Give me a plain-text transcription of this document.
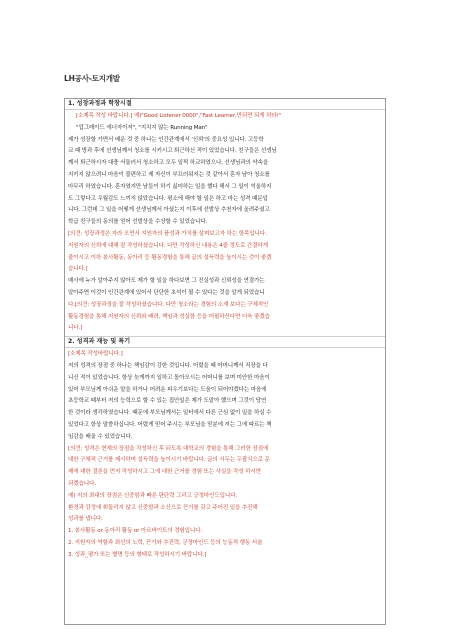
LH공사-토지개발
1. 성장과정과 학창시절
[소제목 작성 바랍니다.] 예)"Good Listener 0000","Fast Learner,만되면 되게 하라!"
"업그레이드 에너자이저", "지치지 않는 Running Man"
제가 성장할 가면서 배운 것 중 하나는 인간관계에서 '신뢰'의 중요성 입니다. 고등학
교 때 방과 후에 선생님께서 청소를 시키시고 퇴근하신 적이 있었습니다. 친구들은 선생님
께서 퇴근하시자 대충 서둘러서 청소하고 모두 일찍 하교하였으나, 선생님과의 약속을
지키지 않으려니 마음이 불편하고 제 자신이 부끄러워지는 것 같아서 혼자 남아 청소를
마무리 하였습니다. 혼자였지만 남들이 하기 싫어하는 일을 했다 해서 그 일이 억울하지
도 그렇다고 우월감도 느끼지 않았습니다. 평소에 해야 할 일은 하고 마는 성격 때문입
니다. 그런데 그 일을 어떻게 선생님께서 아셨는지 이후에 선발상 추천자에 올려주셨고
학급 친구들의 동의를 얻어 선발상을 수상할 수 있었습니다.
[의견: 성장과정은 자라 오면서 지원자의 품성과 가치를 살펴보고자 하는 항목입니다.
지원자의 신뢰에 대해 잘 작성하셨습니다. 다만 작성하신 내용은 4줄 정도로 간결하게
줄이시고 이하 봉사활동, 동아리 등 활동경험을 통해 글의 설득력을 높이시는 것이 좋겠
습니다.]
매사에 누가 알아주지 않아도 제가 할 일을 하다보면 그 진실성과 신뢰성을 연결가는
알아주면 이것이 인간관계에 있어서 단단한 초석이 될 수 있다는 것을 알게 되었습니
다.[의견: 성장과정을 잘 작성하셨습니다. 다만 청소라는 경험의 소재 보다는 구체적인
활동경험을 통해 지원자의 신뢰와 배려, 책임과 성실함 등을 어필하신다면 더욱 좋겠습
니다.]
2. 성격과 재능 및 특기
[소제목 작성바랍니다.]
저의 성격의 장점 중 하나는 책임감이 강한 것입니다. 어렸을 때 어머니께서 직장을 다
니신 적이 있었습니다. 항상 늦게까지 일하고 돌아오시는 어머니를 보며 미안한 마음이
있어 부모님께 아쉬운 말을 하거나 어려운 피우기보다는 도움이 되어야겠다는 마음에
초등학교 때부터 저의 능력으로 할 수 있는 집안일은 제가 도맡아 했으며 그것이 당연
한 것이라 생각하였습니다. 때문에 부모님께서는 일터에서 다른 근심 없이 일을 하실 수
있었다고 항상 말씀하십니다. 어렸게 믿어 주시는 부모님을 믿분에 저는 그에 따르는 책
임감을 배울 수 있었습니다.
[의견: 성격은 현재의 장점을 작성하신 후 되도록 대학교의 경험을 통해 그러한 장점에
대한 구체적 근거를 제시하며 설득력을 높이시기 바랍니다. 글의 서두는 두괄식으로 문
제에 대한 결론을 먼저 작성하시고 그에 대한 근거를 경험 또는 사실을 작성 하시면
되겠습니다.
예) 저의 최대의 장점은 신중함과 빠른 판단력 그리고 긍정마인드입니다.
환경과 감정에 휘둘리지 않고 신중함과 소신으로 끈기를 갖고 주어진 일을 추진해
성과를 냅니다.
1. 봉사활동 or 동아리 활동 or 아르바이트의 경험입니다.
2. 지원자의 역할과 최선의 노력, 끈기와 추진력, 긍정마인드 등의 능동적 행동 서술
3. 성과_평가 또는 별명 등의 형태로 작성하시기 바랍니다.]
